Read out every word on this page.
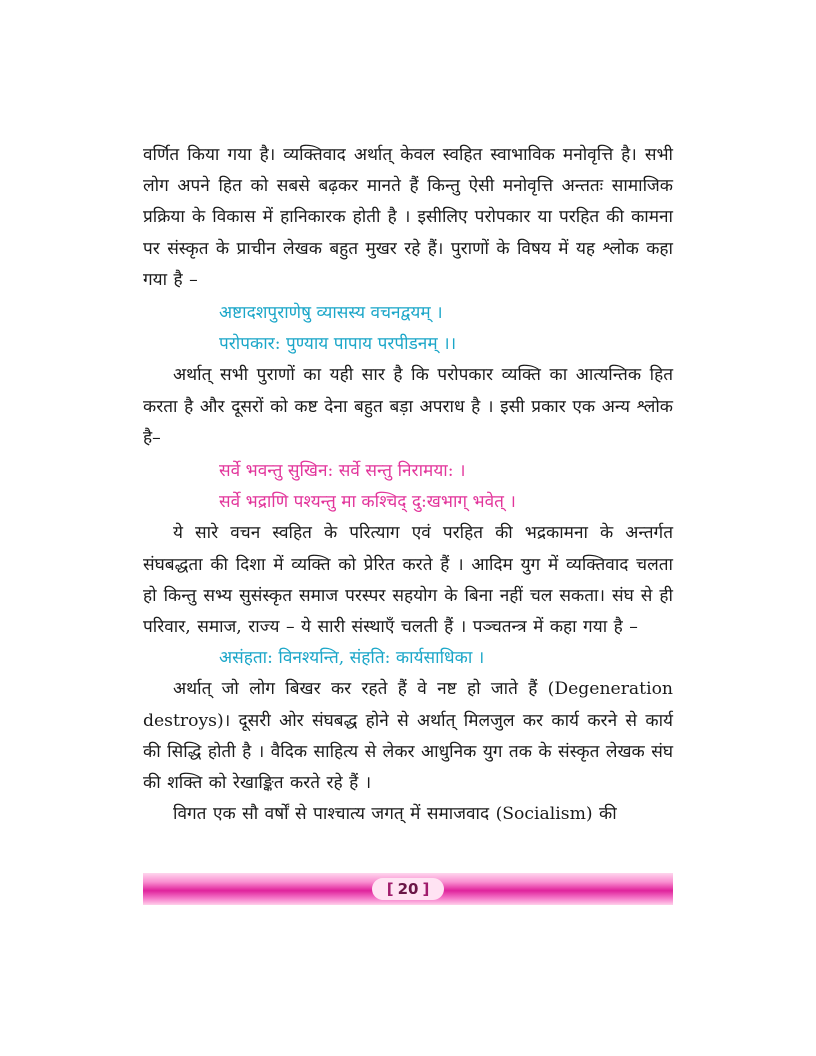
वर्णित किया गया है। व्यक्तिवाद अर्थात् केवल स्वहित स्वाभाविक मनोवृत्ति है। सभी लोग अपने हित को सबसे बढ़कर मानते हैं किन्तु ऐसी मनोवृत्ति अन्ततः सामाजिक प्रक्रिया के विकास में हानिकारक होती है । इसीलिए परोपकार या परहित की कामना पर संस्कृत के प्राचीन लेखक बहुत मुखर रहे हैं। पुराणों के विषय में यह श्लोक कहा गया है –

अष्टादशपुराणेषु व्यासस्य वचनद्वयम् ।

परोपकार: पुण्याय पापाय परपीडनम् ।।

अर्थात् सभी पुराणों का यही सार है कि परोपकार व्यक्ति का आत्यन्तिक हित करता है और दूसरों को कष्ट देना बहुत बड़ा अपराध है । इसी प्रकार एक अन्य श्लोक है–

सर्वे भवन्तु सुखिन: सर्वे सन्तु निरामया: ।

सर्वे भद्राणि पश्यन्तु मा कश्चिद् दु:खभाग् भवेत् ।

ये सारे वचन स्वहित के परित्याग एवं परहित की भद्रकामना के अन्तर्गत संघबद्धता की दिशा में व्यक्ति को प्रेरित करते हैं । आदिम युग में व्यक्तिवाद चलता हो किन्तु सभ्य सुसंस्कृत समाज परस्पर सहयोग के बिना नहीं चल सकता। संघ से ही परिवार, समाज, राज्य – ये सारी संस्थाएँ चलती हैं । पञ्चतन्त्र में कहा गया है –

असंहता: विनश्यन्ति, संहति: कार्यसाधिका ।

अर्थात् जो लोग बिखर कर रहते हैं वे नष्ट हो जाते हैं (Degeneration destroys)। दूसरी ओर संघबद्ध होने से अर्थात् मिलजुल कर कार्य करने से कार्य की सिद्धि होती है । वैदिक साहित्य से लेकर आधुनिक युग तक के संस्कृत लेखक संघ की शक्ति को रेखाङ्कित करते रहे हैं ।

विगत एक सौ वर्षों से पाश्चात्य जगत् में समाजवाद (Socialism) की

[ 20 ]
